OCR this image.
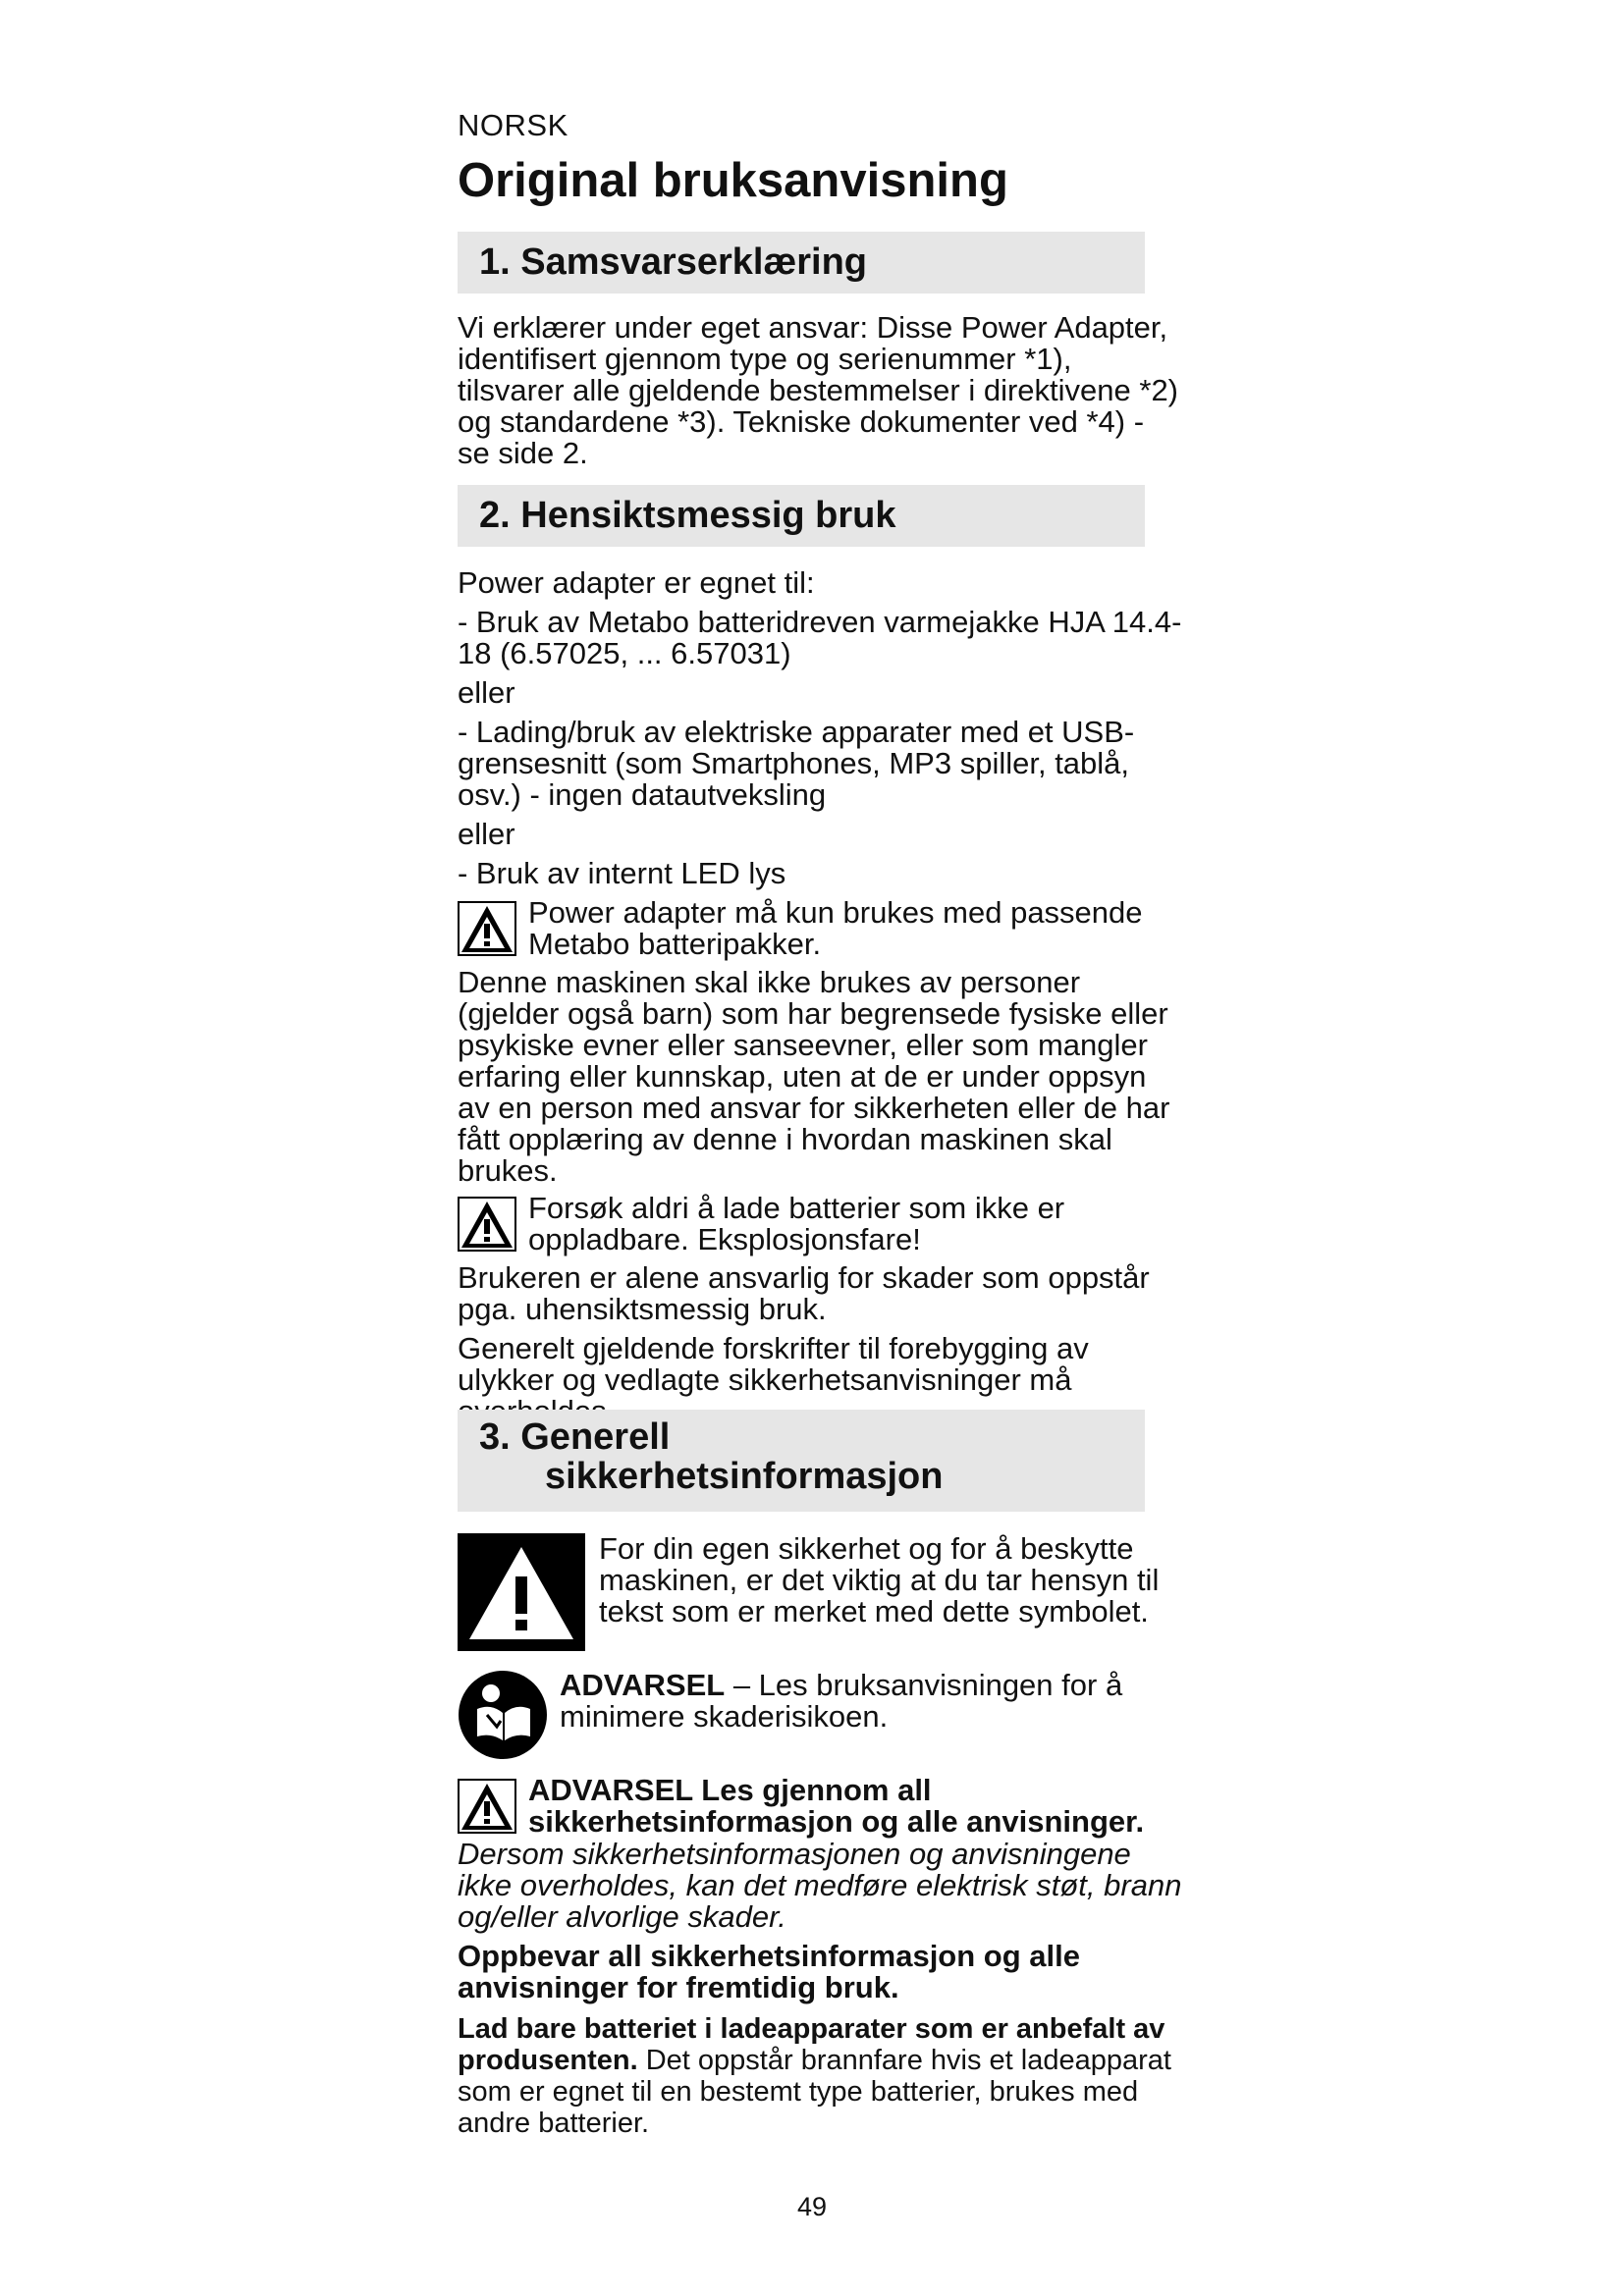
NORSK
Original bruksanvisning
1. Samsvarserklæring

Vi erklærer under eget ansvar: Disse Power Adapter, identifisert gjennom type og serienummer *1), tilsvarer alle gjeldende bestemmelser i direktivene *2) og standardene *3). Tekniske dokumenter ved *4) - se side 2.

2. Hensiktsmessig bruk

Power adapter er egnet til:

- Bruk av Metabo batteridreven varmejakke HJA 14.4-18 (6.57025, ... 6.57031)

eller

- Lading/bruk av elektriske apparater med et USB-grensesnitt (som Smartphones, MP3 spiller, tablå, osv.) - ingen datautveksling

eller

- Bruk av internt LED lys

Power adapter må kun brukes med passende Metabo batteripakker.

Denne maskinen skal ikke brukes av personer (gjelder også barn) som har begrensede fysiske eller psykiske evner eller sanseevner, eller som mangler erfaring eller kunnskap, uten at de er under oppsyn av en person med ansvar for sikkerheten eller de har fått opplæring av denne i hvordan maskinen skal brukes.

Forsøk aldri å lade batterier som ikke er oppladbare. Eksplosjonsfare!

Brukeren er alene ansvarlig for skader som oppstår pga. uhensiktsmessig bruk.

Generelt gjeldende forskrifter til forebygging av ulykker og vedlagte sikkerhetsanvisninger må

3. Generell
sikkerhetsinformasjon

For din egen sikkerhet og for å beskytte maskinen, er det viktig at du tar hensyn til tekst som er merket med dette symbolet.

ADVARSEL – Les bruksanvisningen for å minimere skaderisikoen.

ADVARSEL Les gjennom all sikkerhetsinformasjon og alle anvisninger.

Dersom sikkerhetsinformasjonen og anvisningene ikke overholdes, kan det medføre elektrisk støt, brann og/eller alvorlige skader.

Oppbevar all sikkerhetsinformasjon og alle anvisninger for fremtidig bruk.

Lad bare batteriet i ladeapparater som er anbefalt av produsenten. Det oppstår brannfare hvis et ladeapparat som er egnet til en bestemt type batterier, brukes med andre batterier.

49
